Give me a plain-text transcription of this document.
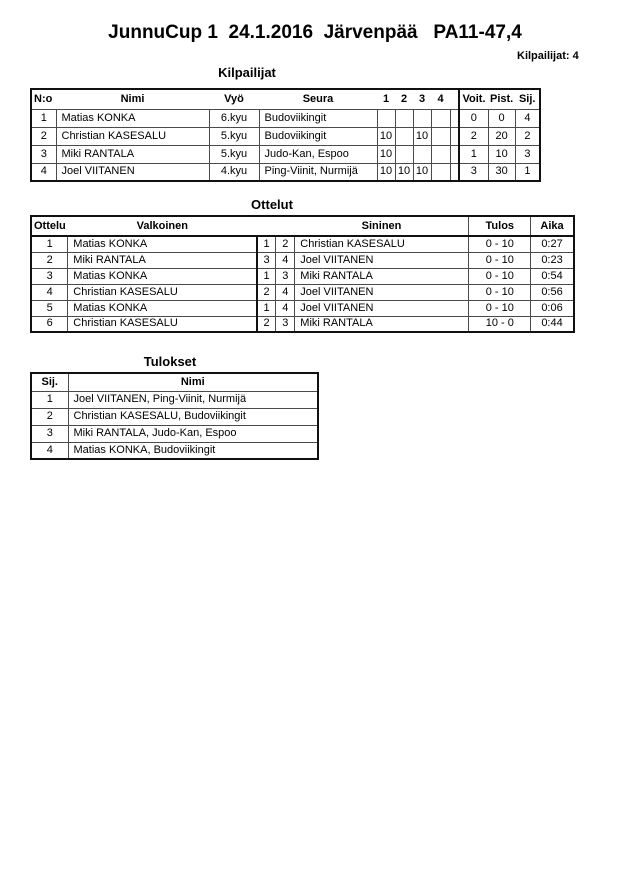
JunnuCup 1  24.1.2016  Järvenpää   PA11-47,4
Kilpailijat: 4
Kilpailijat
N:o	Nimi	Vyö	Seura	1	2	3	4		Voit.	Pist.	Sij.
1	Matias KONKA	6.kyu	Budoviikingit						0	0	4
2	Christian KASESALU	5.kyu	Budoviikingit	10		10			2	20	2
3	Miki RANTALA	5.kyu	Judo-Kan, Espoo	10					1	10	3
4	Joel VIITANEN	4.kyu	Ping-Viinit, Nurmijä	10	10	10			3	30	1
Ottelut
Ottelu	Valkoinen			Sininen	Tulos	Aika
1	Matias KONKA	1	2	Christian KASESALU	0 - 10	0:27
2	Miki RANTALA	3	4	Joel VIITANEN	0 - 10	0:23
3	Matias KONKA	1	3	Miki RANTALA	0 - 10	0:54
4	Christian KASESALU	2	4	Joel VIITANEN	0 - 10	0:56
5	Matias KONKA	1	4	Joel VIITANEN	0 - 10	0:06
6	Christian KASESALU	2	3	Miki RANTALA	10 - 0	0:44
Tulokset
Sij.	Nimi
1	Joel VIITANEN, Ping-Viinit, Nurmijä
2	Christian KASESALU, Budoviikingit
3	Miki RANTALA, Judo-Kan, Espoo
4	Matias KONKA, Budoviikingit
